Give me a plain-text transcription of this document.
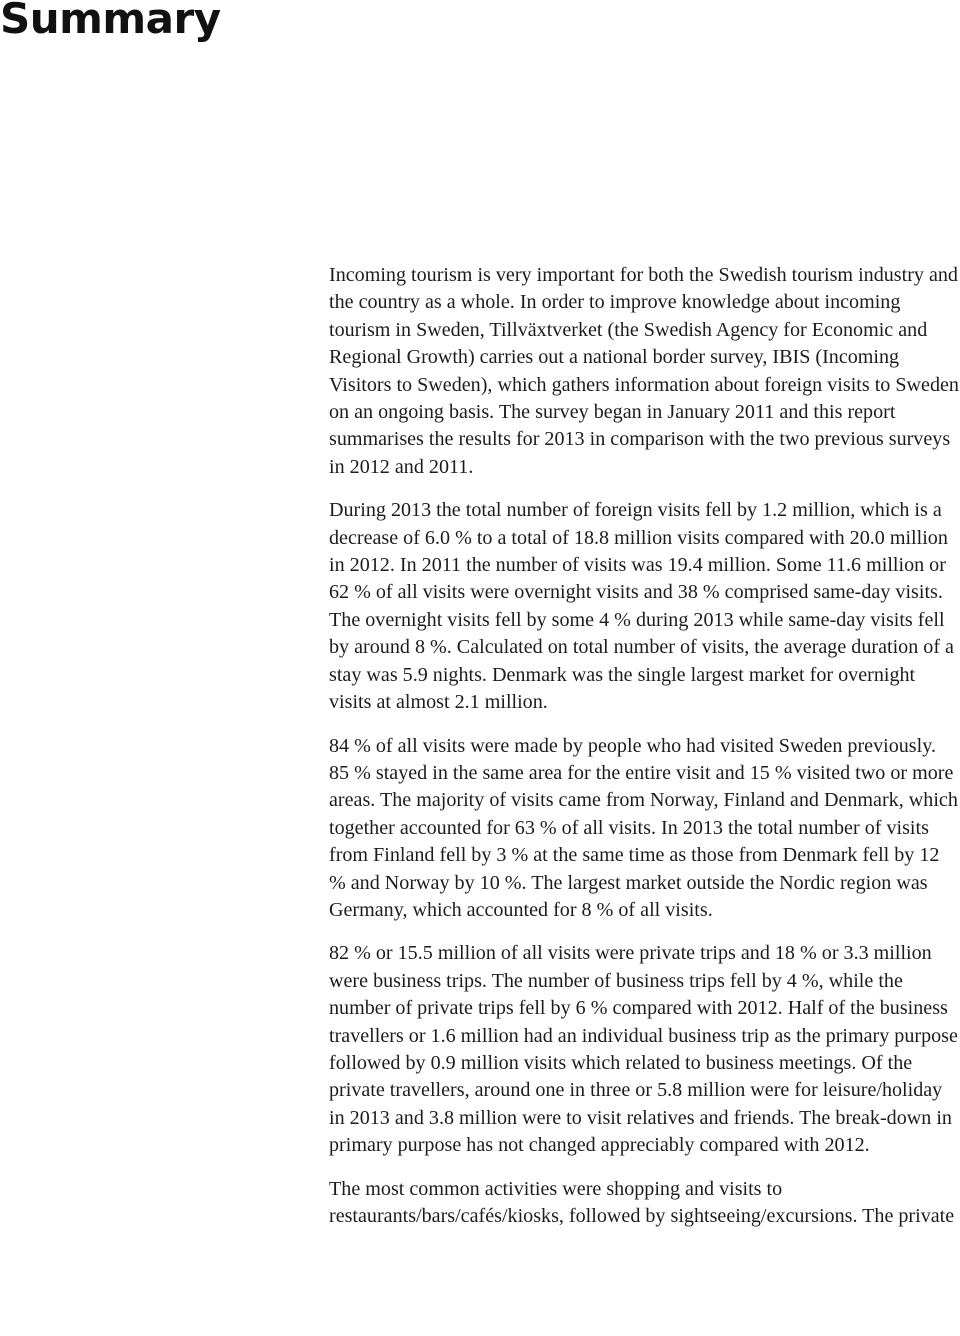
Summary

Incoming tourism is very important for both the Swedish tourism industry and the country as a whole. In order to improve knowledge about incoming tourism in Sweden, Tillväxtverket (the Swedish Agency for Economic and Regional Growth) carries out a national border survey, IBIS (Incoming Visitors to Sweden), which gathers information about foreign visits to Sweden on an ongoing basis. The survey began in January 2011 and this report summarises the results for 2013 in comparison with the two previous surveys in 2012 and 2011.

During 2013 the total number of foreign visits fell by 1.2 million, which is a decrease of 6.0 % to a total of 18.8 million visits compared with 20.0 million in 2012. In 2011 the number of visits was 19.4 million. Some 11.6 million or 62 % of all visits were overnight visits and 38 % comprised same-day visits. The overnight visits fell by some 4 % during 2013 while same-day visits fell by around 8 %. Calculated on total number of visits, the average duration of a stay was 5.9 nights. Denmark was the single largest market for overnight visits at almost 2.1 million.

84 % of all visits were made by people who had visited Sweden previously. 85 % stayed in the same area for the entire visit and 15 % visited two or more areas. The majority of visits came from Norway, Finland and Denmark, which together accounted for 63 % of all visits. In 2013 the total number of visits from Finland fell by 3 % at the same time as those from Denmark fell by 12 % and Norway by 10 %. The largest market outside the Nordic region was Germany, which accounted for 8 % of all visits.

82 % or 15.5 million of all visits were private trips and 18 % or 3.3 million were business trips. The number of business trips fell by 4 %, while the number of private trips fell by 6 % compared with 2012. Half of the business travellers or 1.6 million had an individual business trip as the primary purpose followed by 0.9 million visits which related to business meetings. Of the private travellers, around one in three or 5.8 million were for leisure/holiday in 2013 and 3.8 million were to visit relatives and friends. The break-down in primary purpose has not changed appreciably compared with 2012.

The most common activities were shopping and visits to restaurants/bars/cafés/kiosks, followed by sightseeing/excursions. The private
